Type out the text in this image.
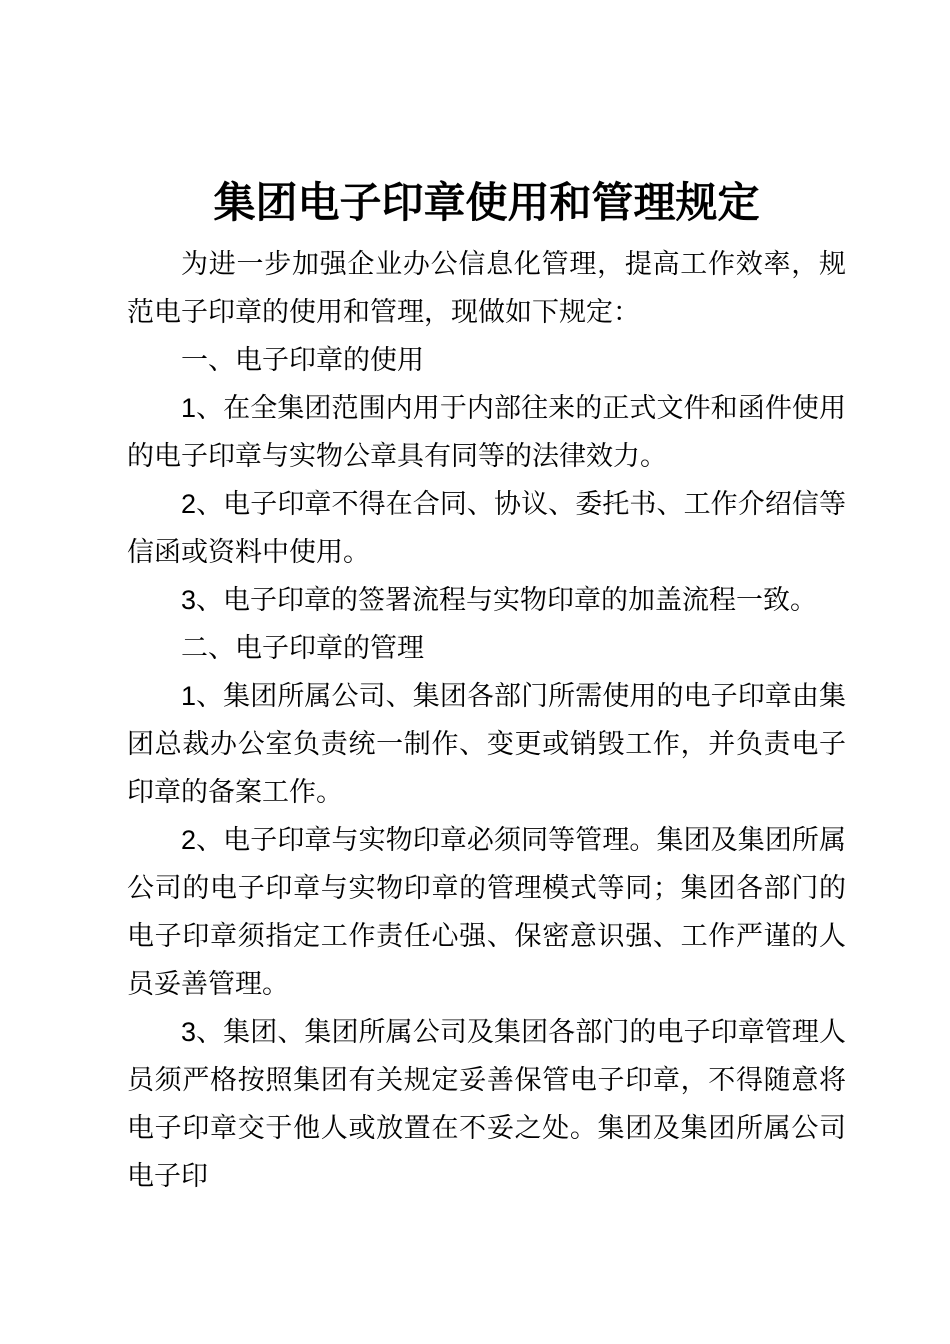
集团电子印章使用和管理规定

为进一步加强企业办公信息化管理，提高工作效率，规范电子印章的使用和管理，现做如下规定：

一、电子印章的使用

1、在全集团范围内用于内部往来的正式文件和函件使用的电子印章与实物公章具有同等的法律效力。

2、电子印章不得在合同、协议、委托书、工作介绍信等信函或资料中使用。

3、电子印章的签署流程与实物印章的加盖流程一致。

二、电子印章的管理

1、集团所属公司、集团各部门所需使用的电子印章由集团总裁办公室负责统一制作、变更或销毁工作，并负责电子印章的备案工作。

2、电子印章与实物印章必须同等管理。集团及集团所属公司的电子印章与实物印章的管理模式等同；集团各部门的电子印章须指定工作责任心强、保密意识强、工作严谨的人员妥善管理。

3、集团、集团所属公司及集团各部门的电子印章管理人员须严格按照集团有关规定妥善保管电子印章，不得随意将电子印章交于他人或放置在不妥之处。集团及集团所属公司电子印
